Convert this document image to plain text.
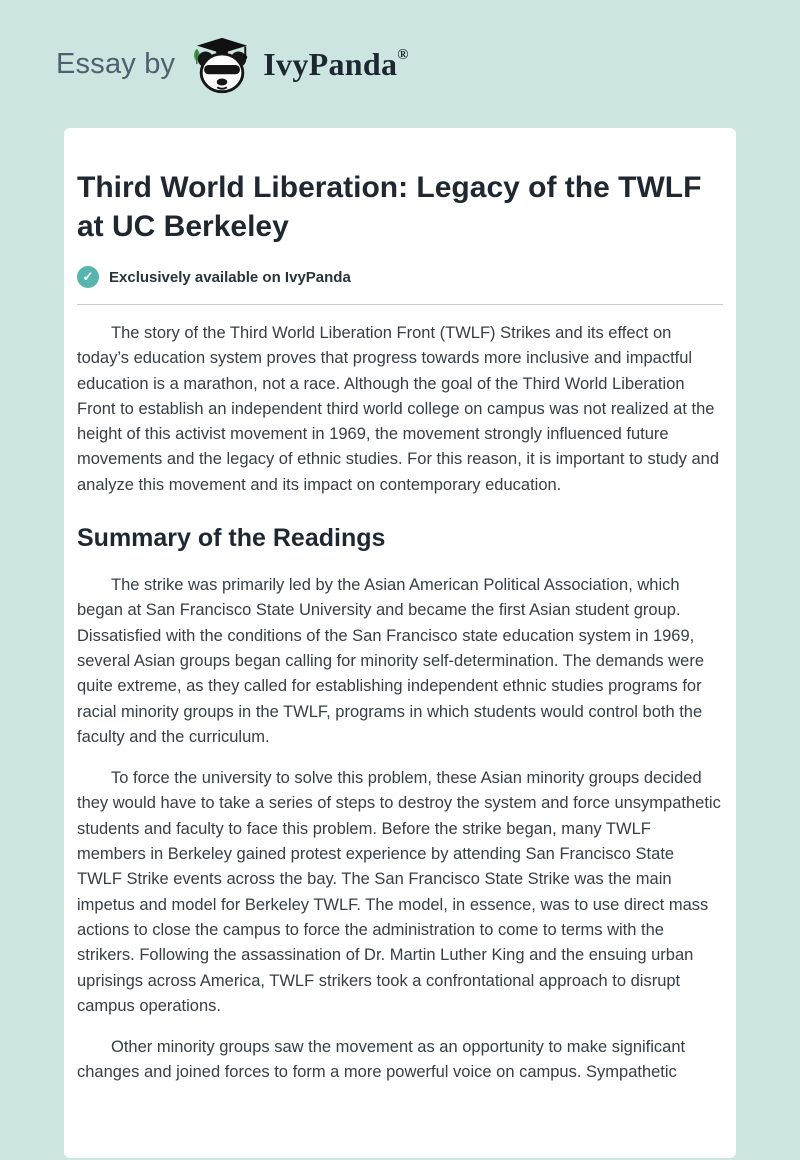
Essay by	IvyPanda®
Third World Liberation: Legacy of the TWLF at UC Berkeley
✓	Exclusively available on IvyPanda

The story of the Third World Liberation Front (TWLF) Strikes and its effect on today’s education system proves that progress towards more inclusive and impactful education is a marathon, not a race. Although the goal of the Third World Liberation Front to establish an independent third world college on campus was not realized at the height of this activist movement in 1969, the movement strongly influenced future movements and the legacy of ethnic studies. For this reason, it is important to study and analyze this movement and its impact on contemporary education.

Summary of the Readings

The strike was primarily led by the Asian American Political Association, which began at San Francisco State University and became the first Asian student group. Dissatisfied with the conditions of the San Francisco state education system in 1969, several Asian groups began calling for minority self-determination. The demands were quite extreme, as they called for establishing independent ethnic studies programs for racial minority groups in the TWLF, programs in which students would control both the faculty and the curriculum.

To force the university to solve this problem, these Asian minority groups decided they would have to take a series of steps to destroy the system and force unsympathetic students and faculty to face this problem. Before the strike began, many TWLF members in Berkeley gained protest experience by attending San Francisco State TWLF Strike events across the bay. The San Francisco State Strike was the main impetus and model for Berkeley TWLF. The model, in essence, was to use direct mass actions to close the campus to force the administration to come to terms with the strikers. Following the assassination of Dr. Martin Luther King and the ensuing urban uprisings across America, TWLF strikers took a confrontational approach to disrupt campus operations.

Other minority groups saw the movement as an opportunity to make significant changes and joined forces to form a more powerful voice on campus. Sympathetic
